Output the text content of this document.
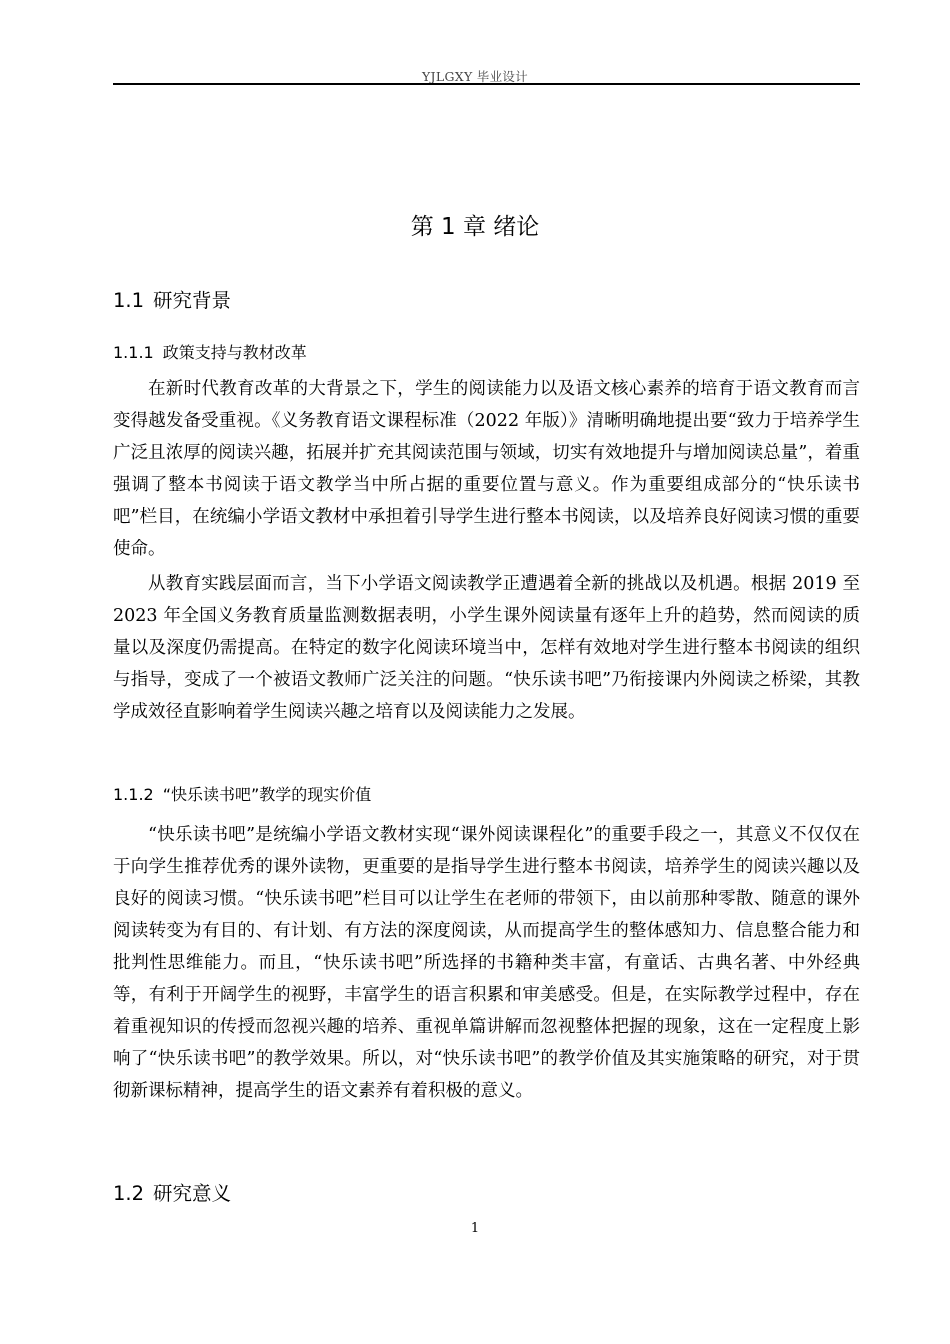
YJLGXY 毕业设计
第 1 章 绪论
1.1 研究背景
1.1.1 政策支持与教材改革

在新时代教育改革的大背景之下，学生的阅读能力以及语文核心素养的培育于语文教育而言变得越发备受重视。《义务教育语文课程标准（2022 年版）》清晰明确地提出要“致力于培养学生广泛且浓厚的阅读兴趣，拓展并扩充其阅读范围与领域，切实有效地提升与增加阅读总量”，着重强调了整本书阅读于语文教学当中所占据的重要位置与意义。作为重要组成部分的“快乐读书吧”栏目，在统编小学语文教材中承担着引导学生进行整本书阅读，以及培养良好阅读习惯的重要使命。

从教育实践层面而言，当下小学语文阅读教学正遭遇着全新的挑战以及机遇。根据 2019 至 2023 年全国义务教育质量监测数据表明，小学生课外阅读量有逐年上升的趋势，然而阅读的质量以及深度仍需提高。在特定的数字化阅读环境当中，怎样有效地对学生进行整本书阅读的组织与指导，变成了一个被语文教师广泛关注的问题。“快乐读书吧”乃衔接课内外阅读之桥梁，其教学成效径直影响着学生阅读兴趣之培育以及阅读能力之发展。

1.1.2 “快乐读书吧”教学的现实价值

“快乐读书吧”是统编小学语文教材实现“课外阅读课程化”的重要手段之一，其意义不仅仅在于向学生推荐优秀的课外读物，更重要的是指导学生进行整本书阅读，培养学生的阅读兴趣以及良好的阅读习惯。“快乐读书吧”栏目可以让学生在老师的带领下，由以前那种零散、随意的课外阅读转变为有目的、有计划、有方法的深度阅读，从而提高学生的整体感知力、信息整合能力和批判性思维能力。而且，“快乐读书吧”所选择的书籍种类丰富，有童话、古典名著、中外经典等，有利于开阔学生的视野，丰富学生的语言积累和审美感受。但是，在实际教学过程中，存在着重视知识的传授而忽视兴趣的培养、重视单篇讲解而忽视整体把握的现象，这在一定程度上影响了“快乐读书吧”的教学效果。所以，对“快乐读书吧”的教学价值及其实施策略的研究，对于贯彻新课标精神，提高学生的语文素养有着积极的意义。

1.2 研究意义
1
